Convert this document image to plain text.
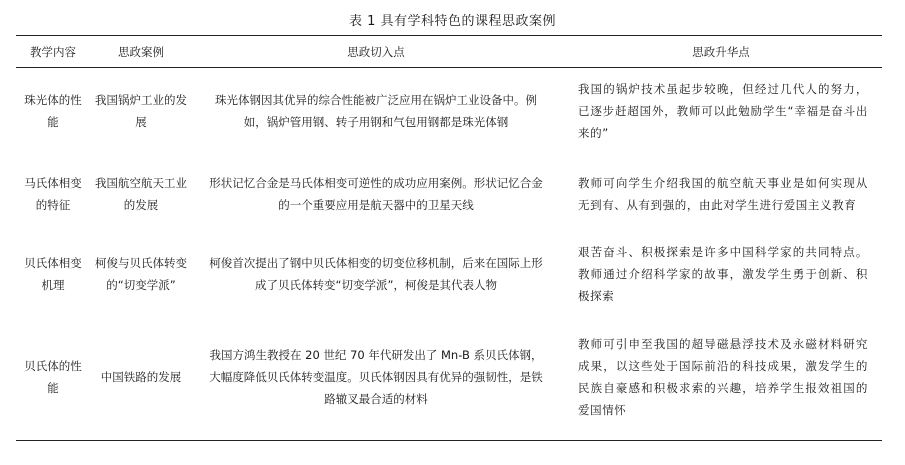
表 1 具有学科特色的课程思政案例
教学内容	思政案例	思政切入点	思政升华点
珠光体的性能	我国锅炉工业的发展	珠光体钢因其优异的综合性能被广泛应用在锅炉工业设备中。例如，锅炉管用钢、转子用钢和气包用钢都是珠光体钢	我国的锅炉技术虽起步较晚，但经过几代人的努力，已逐步赶超国外，教师可以此勉励学生“幸福是奋斗出来的”
马氏体相变的特征	我国航空航天工业的发展	形状记忆合金是马氏体相变可逆性的成功应用案例。形状记忆合金的一个重要应用是航天器中的卫星天线	教师可向学生介绍我国的航空航天事业是如何实现从无到有、从有到强的，由此对学生进行爱国主义教育
贝氏体相变机理	柯俊与贝氏体转变的“切变学派”	柯俊首次提出了钢中贝氏体相变的切变位移机制，后来在国际上形成了贝氏体转变“切变学派”，柯俊是其代表人物	艰苦奋斗、积极探索是许多中国科学家的共同特点。教师通过介绍科学家的故事，激发学生勇于创新、积极探索
贝氏体的性能	中国铁路的发展	我国方鸿生教授在 20 世纪 70 年代研发出了 Mn-B 系贝氏体钢，大幅度降低贝氏体转变温度。贝氏体钢因具有优异的强韧性，是铁路辙叉最合适的材料	教师可引申至我国的超导磁悬浮技术及永磁材料研究成果，以这些处于国际前沿的科技成果，激发学生的民族自豪感和积极求索的兴趣，培养学生报效祖国的爱国情怀
